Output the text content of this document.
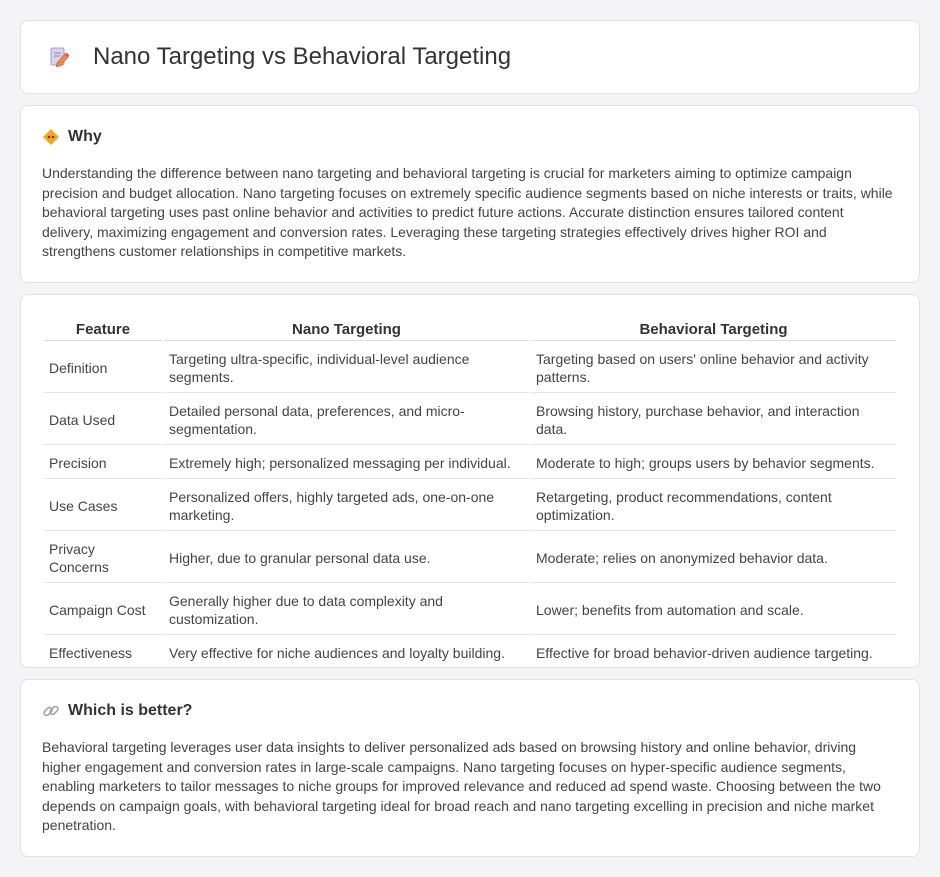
Nano Targeting vs Behavioral Targeting
Why

Understanding the difference between nano targeting and behavioral targeting is crucial for marketers aiming to optimize campaign precision and budget allocation. Nano targeting focuses on extremely specific audience segments based on niche interests or traits, while behavioral targeting uses past online behavior and activities to predict future actions. Accurate distinction ensures tailored content delivery, maximizing engagement and conversion rates. Leveraging these targeting strategies effectively drives higher ROI and strengthens customer relationships in competitive markets.

Feature	Nano Targeting	Behavioral Targeting
Definition	Targeting ultra-specific, individual-level audience segments.	Targeting based on users' online behavior and activity patterns.
Data Used	Detailed personal data, preferences, and micro-segmentation.	Browsing history, purchase behavior, and interaction data.
Precision	Extremely high; personalized messaging per individual.	Moderate to high; groups users by behavior segments.
Use Cases	Personalized offers, highly targeted ads, one-on-one marketing.	Retargeting, product recommendations, content optimization.
Privacy Concerns	Higher, due to granular personal data use.	Moderate; relies on anonymized behavior data.
Campaign Cost	Generally higher due to data complexity and customization.	Lower; benefits from automation and scale.
Effectiveness	Very effective for niche audiences and loyalty building.	Effective for broad behavior-driven audience targeting.
Which is better?

Behavioral targeting leverages user data insights to deliver personalized ads based on browsing history and online behavior, driving higher engagement and conversion rates in large-scale campaigns. Nano targeting focuses on hyper-specific audience segments, enabling marketers to tailor messages to niche groups for improved relevance and reduced ad spend waste. Choosing between the two depends on campaign goals, with behavioral targeting ideal for broad reach and nano targeting excelling in precision and niche market penetration.
